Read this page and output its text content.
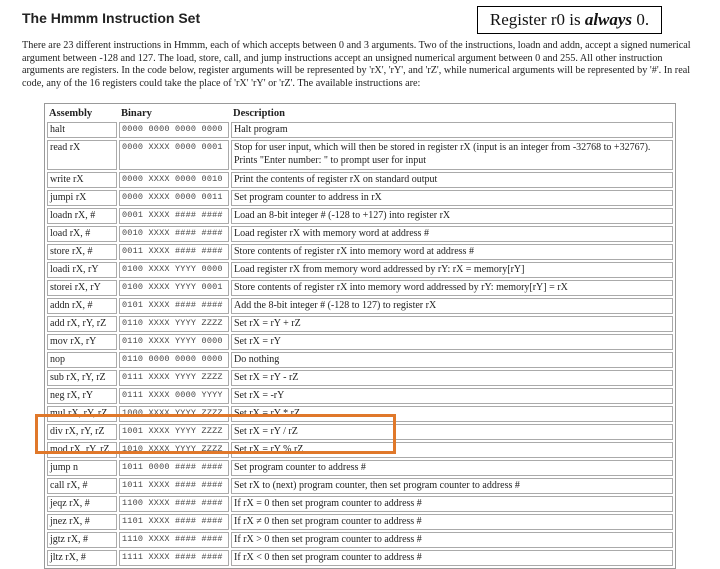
The Hmmm Instruction Set	Register r0 is always 0.
There are 23 different instructions in Hmmm, each of which accepts between 0 and 3 arguments. Two of the instructions, loadn and addn, accept a signed numerical argument between -128 and 127. The load, store, call, and jump instructions accept an unsigned numerical argument between 0 and 255. All other instruction arguments are registers. In the code below, register arguments will be represented by 'rX', 'rY', and 'rZ', while numerical arguments will be represented by '#'. In real code, any of the 16 registers could take the place of 'rX' 'rY' or 'rZ'. The available instructions are:
Assembly	Binary	Description
halt	0000 0000 0000 0000	Halt program
read rX	0000 XXXX 0000 0001	Stop for user input, which will then be stored in register rX (input is an integer from -32768 to +32767). Prints "Enter number: " to prompt user for input
write rX	0000 XXXX 0000 0010	Print the contents of register rX on standard output
jumpi rX	0000 XXXX 0000 0011	Set program counter to address in rX
loadn rX, #	0001 XXXX #### ####	Load an 8-bit integer # (-128 to +127) into register rX
load rX, #	0010 XXXX #### ####	Load register rX with memory word at address #
store rX, #	0011 XXXX #### ####	Store contents of register rX into memory word at address #
loadi rX, rY	0100 XXXX YYYY 0000	Load register rX from memory word addressed by rY: rX = memory[rY]
storei rX, rY	0100 XXXX YYYY 0001	Store contents of register rX into memory word addressed by rY: memory[rY] = rX
addn rX, #	0101 XXXX #### ####	Add the 8-bit integer # (-128 to 127) to register rX
add rX, rY, rZ	0110 XXXX YYYY ZZZZ	Set rX = rY + rZ
mov rX, rY	0110 XXXX YYYY 0000	Set rX = rY
nop	0110 0000 0000 0000	Do nothing
sub rX, rY, rZ	0111 XXXX YYYY ZZZZ	Set rX = rY - rZ
neg rX, rY	0111 XXXX 0000 YYYY	Set rX = -rY
mul rX, rY, rZ	1000 XXXX YYYY ZZZZ	Set rX = rY * rZ
div rX, rY, rZ	1001 XXXX YYYY ZZZZ	Set rX = rY / rZ
mod rX, rY, rZ	1010 XXXX YYYY ZZZZ	Set rX = rY % rZ
jump n	1011 0000 #### ####	Set program counter to address #
call rX, #	1011 XXXX #### ####	Set rX to (next) program counter, then set program counter to address #
jeqz rX, #	1100 XXXX #### ####	If rX = 0 then set program counter to address #
jnez rX, #	1101 XXXX #### ####	If rX ≠ 0 then set program counter to address #
jgtz rX, #	1110 XXXX #### ####	If rX > 0 then set program counter to address #
jltz rX, #	1111 XXXX #### ####	If rX < 0 then set program counter to address #
